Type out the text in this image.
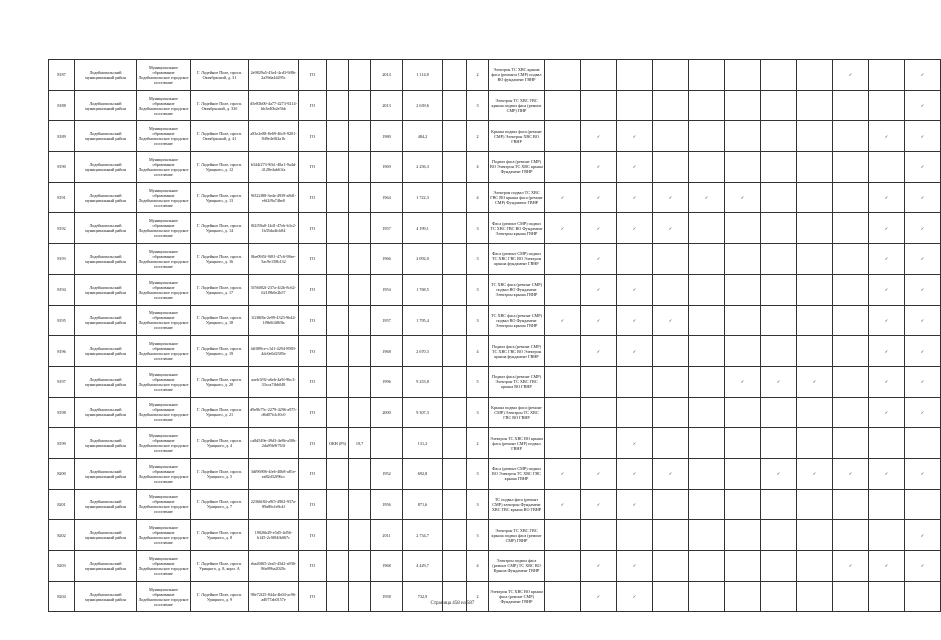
8187	Лодейнопольский муниципальный район	Муниципальное образование Лодейнопольское городское поселение	Г. Лодейное Поле, просп. Октябрьский, д. 31	2e9829a5-43e4-4cd3-9f8b-2a59da44495c	ГО			2014	1 114,8		2	Электрон ТС ХВС крыша фаса (ремонта СМР) подвал ВО фундамент ГВНР									✓		✓
8188	Лодейнопольский муниципальный район	Муниципальное образование Лодейнопольское городское поселение	Г. Лодейное Поле, просп. Октябрьский, д. 33б	d5e83b00-4a77-4273-9214-bb3e40b2e5bb	ГО			2013	2 639,6		3	Электрон ТС ХВС ГВС крыша подвал фаса (ремонт СМР) ПНР											✓
8189	Лодейнопольский муниципальный район	Муниципальное образование Лодейнопольское городское поселение	Г. Лодейное Поле, просп. Октябрьский, д. 41	a83e2e88-8e69-46c8-9201-849e4e0f2a1b	ГО			1980	484,2		2	Крыша подвал фаса (ремонт СМР) Электрон ХВС ВО ГВНР		✓	✓							✓	✓
8190	Лодейнопольский муниципальный район	Муниципальное образование Лодейнопольское городское поселение	Г. Лодейное Поле, просп. Урицкого, д. 12	b344f273-9fb1-48a1-9a4d-4128e4ab61fa	ГО			1969	2 256,3		4	Подвал фаса (ремонт СМР) ВО Электрон ТС ХВС крыша Фундамент ГВНР		✓	✓								✓
8191	Лодейнопольский муниципальный район	Муниципальное образование Лодейнопольское городское поселение	Г. Лодейное Поле, просп. Урицкого, д. 13	9f322f88-3eda-4939-a8d1-e6f2f9a74be0	ГО			1964	1 722,3		4	Электрон подвал ТС ХВС ГВС ВО крыша фаса (ремонт СМР) Фундамент ГВНР	✓	✓	✓	✓	✓	✓				✓	✓
8192	Лодейнопольский муниципальный район	Муниципальное образование Лодейнопольское городское поселение	Г. Лодейное Поле, просп. Урицкого, д. 14	0f2f59a0-14d1-47eb-b3c2-1b35da4fcb84	ГО			1957	4 199,1		3	Фаса (ремонт СМР) подвал ТС ХВС ГВС ВО Фундамент Электрон крыша ГВНР	✓	✓	✓	✓						✓	✓
8193	Лодейнопольский муниципальный район	Муниципальное образование Лодейнопольское городское поселение	Г. Лодейное Поле, просп. Урицкого, д. 16	8be09f5f-9f81-47c6-98ee-5ac9e158b132	ГО			1966	2 092,0		3	Фаса (ремонт СМР) подвал ТС ХВС ГВС ВО Электрон крыша фундамент ГВНР		✓								✓	✓
8194	Лодейнопольский муниципальный район	Муниципальное образование Лодейнопольское городское поселение	Г. Лодейное Поле, просп. Урицкого, д. 17	5f56002f-237a-4f2b-8c62-621f9b0e2b57	ГО			1954	1 768,5		3	ТС ХВС фаса (ремонт СМР) подвал ВО Фундамент Электрон крыша ГВНР		✓	✓							✓	✓
8195	Лодейнопольский муниципальный район	Муниципальное образование Лодейнопольское городское поселение	Г. Лодейное Поле, просп. Урицкого, д. 18	1f2f8f8a-2e99-4323-9b44-1f9b0f4f8f8a	ГО			1957	1 795,4		3	ТС ХВС фаса (ремонт СМР) подвал ВО Фундамент Электрон крыша ГВНР	✓	✓	✓	✓						✓	✓
8196	Лодейнопольский муниципальный район	Муниципальное образование Лодейнопольское городское поселение	Г. Лодейное Поле, просп. Урицкого, д. 19	fdf089ce-c1d1-4294-8983-4dc0e0d2385e	ГО			1968	2 670,3		4	Подвал фаса (ремонт СМР) ТС ХВС ГВС ВО Электрон крыша фундамент ГВНР		✓	✓							✓	✓
8197	Лодейнопольский муниципальный район	Муниципальное образование Лодейнопольское городское поселение	Г. Лодейное Поле, просп. Урицкого, д. 20	aaeb1f92-a6eb-4a9f-9bc3-33cca7fbb048	ГО			1996	9 253,8		5	Подвал фаса (ремонт СМР) Электрон ТС ХВС ГВС крыша ВО ГВНР						✓	✓	✓		✓	✓
8198	Лодейнопольский муниципальный район	Муниципальное образование Лодейнопольское городское поселение	Г. Лодейное Поле, просп. Урицкого, д. 21	d9e9b75c-2279-4296-a975-d6d07fcb10c0	ГО			2000	9 307,3		3	Крыша подвал фаса (ремонт СМР) Электрон ТС ХВС ГВС ВО ГВНР										✓	✓
8199	Лодейнопольский муниципальный район	Муниципальное образование Лодейнопольское городское поселение	Г. Лодейное Поле, просп. Урицкого, д. 4	ca8d549e-49d3-4e8b-a50b-2da95b9f763f	ГО	ОКН (Р3)	19,7		131,2		2	Электрон ТС ХВС ВО крыша фаса (ремонт СМР) подвал ГВНР			✓								
8200	Лодейнопольский муниципальный район	Муниципальное образование Лодейнопольское городское поселение	Г. Лодейное Поле, просп. Урицкого, д. 5	3df96906-4fe6-40b8-a81e-ea82d32f96cc	ГО			1952	692,8		3	Фаса (ремонт СМР) подвал ВО Электрон ТС ХВС ГВС крыша ГВНР	✓	✓	✓	✓			✓	✓	✓	✓	✓
8201	Лодейнопольский муниципальный район	Муниципальное образование Лодейнопольское городское поселение	Г. Лодейное Поле, просп. Урицкого, д. 7	22366f84-a9f5-4902-937a-89a86cfe8c4f	ГО			1956	871,6		3	ТС подвал фаса (ремонт СМР) электрон Фундамент ХВС ГВС крыша ВО ГВНР	✓	✓	✓								
8202	Лодейнопольский муниципальный район	Муниципальное образование Лодейнопольское городское поселение	Г. Лодейное Поле, просп. Урицкого, д. 8	19026b29-e5d5-4d56-b145-2c9f84fb067c	ГО			2011	2 734,7		3	Электрон ТС ХВС ГВС крыша подвал фаса (ремонт СМР) ГВНР											✓
8203	Лодейнопольский муниципальный район	Муниципальное образование Лодейнопольское городское поселение	Г. Лодейное Поле, просп. Урицкого, д. 8, корп. А	eba40f65-2ea5-45d2-a936-86e89ba2020c	ГО			1968	4 429,7		4	Электрон подвал фаса (ремонт СМР) ТС ХВС ВО Крыша Фундамент ГВНР		✓	✓						✓	✓	✓
8204	Лодейнопольский муниципальный район	Муниципальное образование Лодейнопольское городское поселение	Г. Лодейное Поле, просп. Урицкого, д. 9	98e72f25-844a-4b04-ac96-ad077ab0157e	ГО			1958	732,9		2	Электрон ТС ХВС ВО крыша фаса (ремонт СМР) Фундамент ГВНР		✓	✓								
Страница 458 из 587
